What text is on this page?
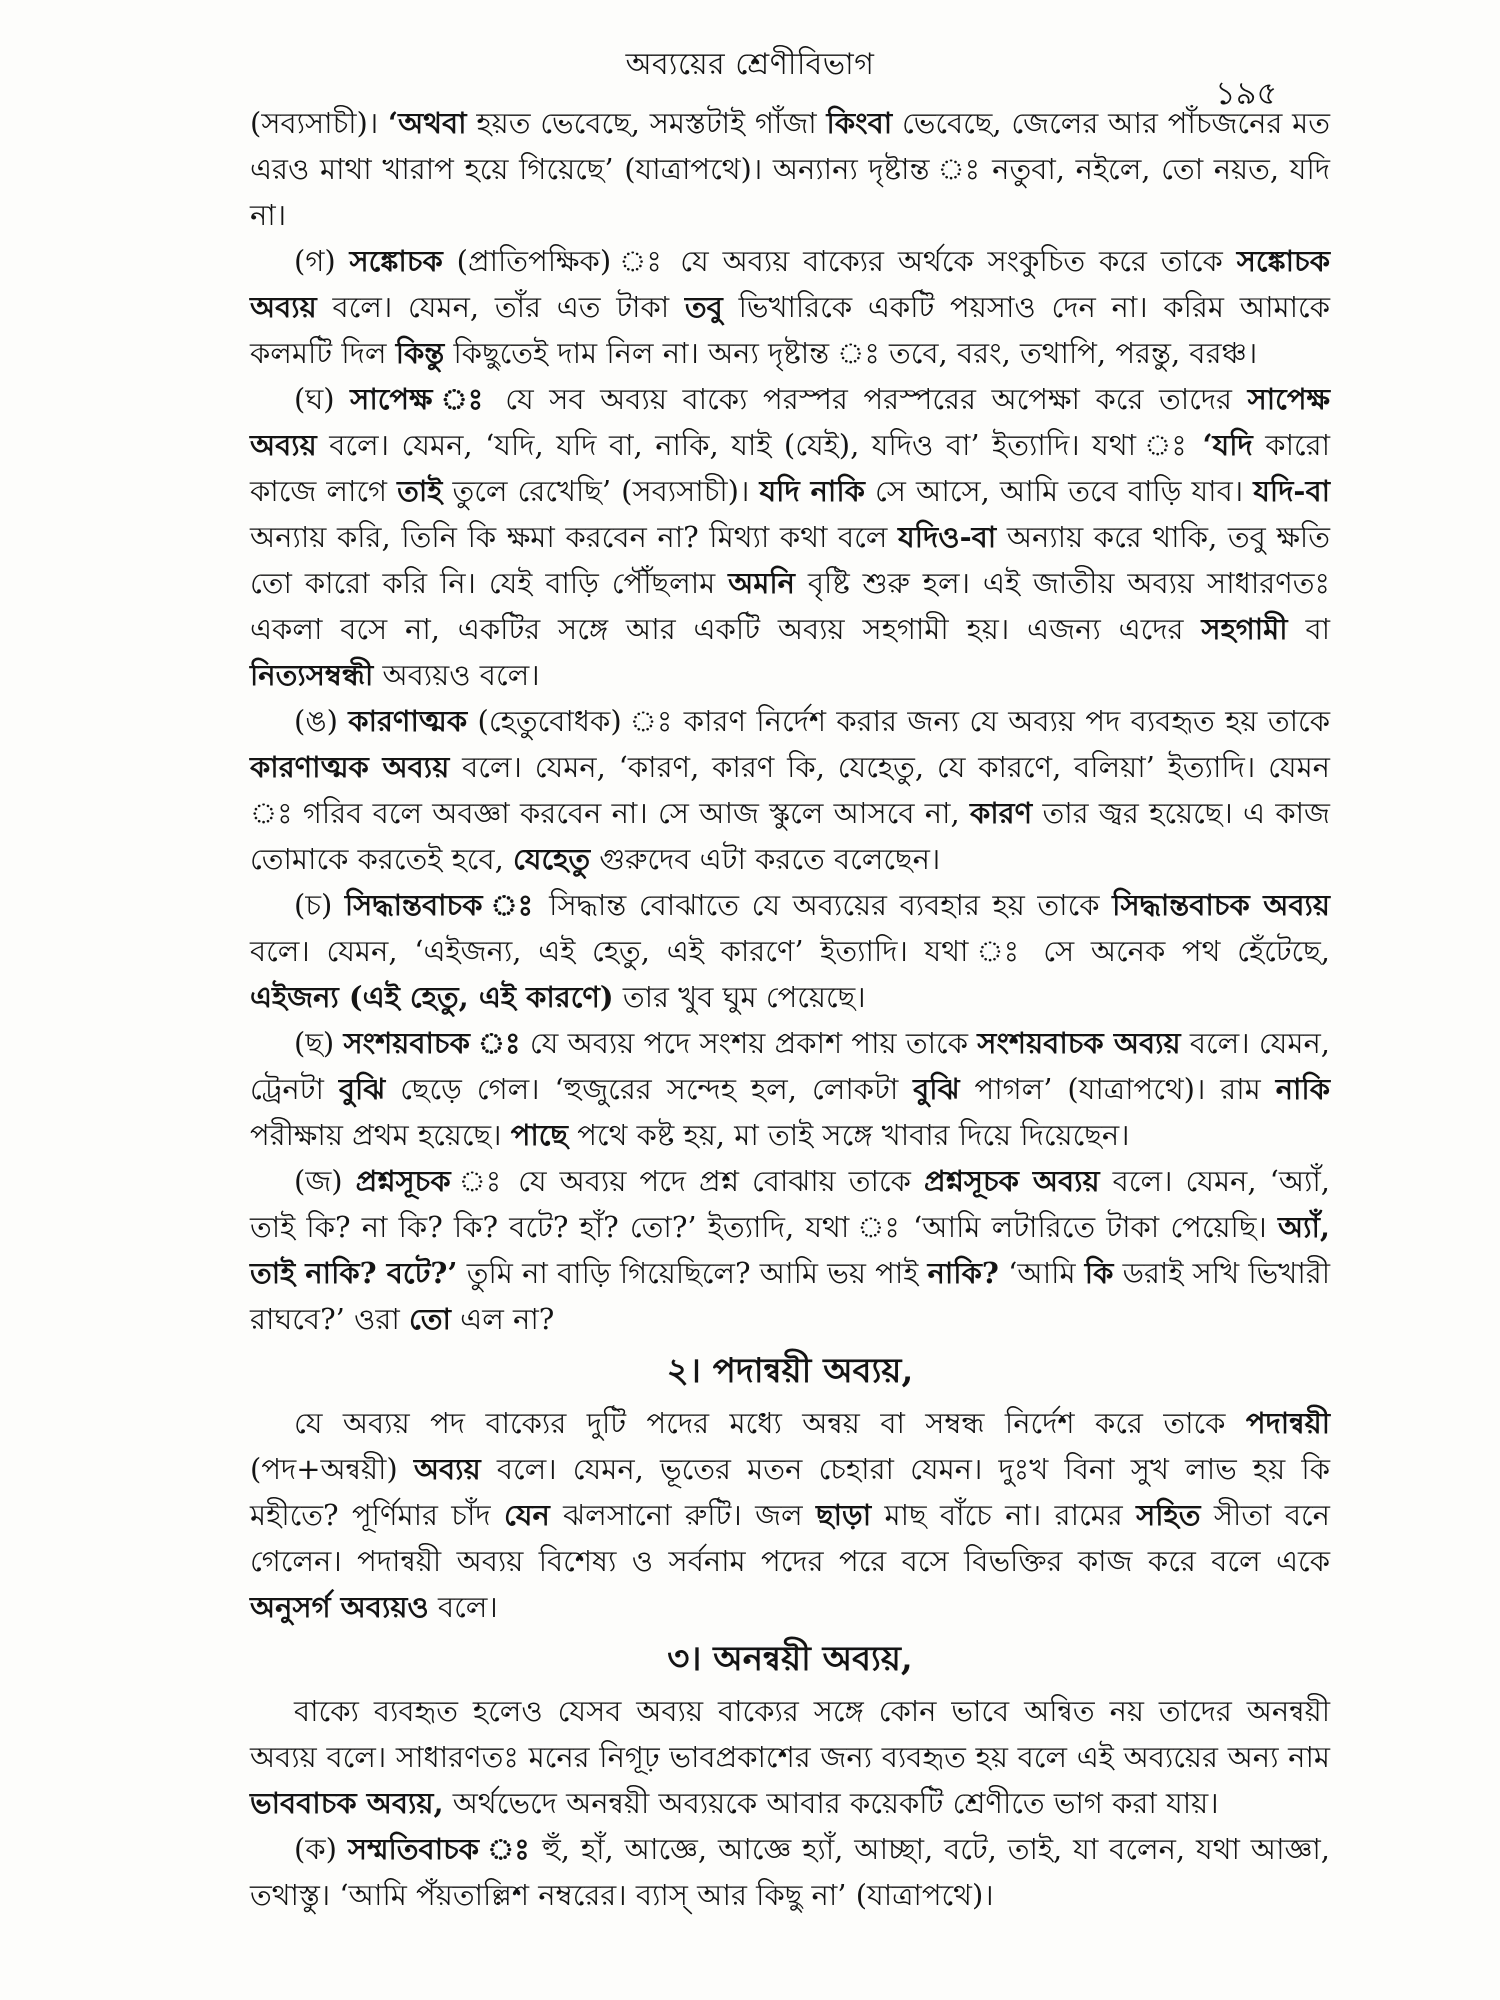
অব্যয়ের শ্রেণীবিভাগ
১৯৫

(সব্যসাচী)। ‘অথবা হয়ত ভেবেছে, সমস্তটাই গাঁজা কিংবা ভেবেছে, জেলের আর পাঁচজনের মত এরও মাথা খারাপ হয়ে গিয়েছে’ (যাত্রাপথে)। অন্যান্য দৃষ্টান্ত ঃ নতুবা, নইলে, তো নয়ত, যদি না।

(গ) সঙ্কোচক (প্রাতিপক্ষিক) ঃ যে অব্যয় বাক্যের অর্থকে সংকুচিত করে তাকে সঙ্কোচক অব্যয় বলে। যেমন, তাঁর এত টাকা তবু ভিখারিকে একটি পয়সাও দেন না। করিম আমাকে কলমটি দিল কিন্তু কিছুতেই দাম নিল না। অন্য দৃষ্টান্ত ঃ তবে, বরং, তথাপি, পরন্তু, বরঞ্চ।

(ঘ) সাপেক্ষ ঃ যে সব অব্যয় বাক্যে পরস্পর পরস্পরের অপেক্ষা করে তাদের সাপেক্ষ অব্যয় বলে। যেমন, ‘যদি, যদি বা, নাকি, যাই (যেই), যদিও বা’ ইত্যাদি। যথা ঃ ‘যদি কারো কাজে লাগে তাই তুলে রেখেছি’ (সব্যসাচী)। যদি নাকি সে আসে, আমি তবে বাড়ি যাব। যদি-বা অন্যায় করি, তিনি কি ক্ষমা করবেন না? মিথ্যা কথা বলে যদিও-বা অন্যায় করে থাকি, তবু ক্ষতি তো কারো করি নি। যেই বাড়ি পৌঁছলাম অমনি বৃষ্টি শুরু হল। এই জাতীয় অব্যয় সাধারণতঃ একলা বসে না, একটির সঙ্গে আর একটি অব্যয় সহগামী হয়। এজন্য এদের সহগামী বা নিত্যসম্বন্ধী অব্যয়ও বলে।

(ঙ) কারণাত্মক (হেতুবোধক) ঃ কারণ নির্দেশ করার জন্য যে অব্যয় পদ ব্যবহৃত হয় তাকে কারণাত্মক অব্যয় বলে। যেমন, ‘কারণ, কারণ কি, যেহেতু, যে কারণে, বলিয়া’ ইত্যাদি। যেমন ঃ গরিব বলে অবজ্ঞা করবেন না। সে আজ স্কুলে আসবে না, কারণ তার জ্বর হয়েছে। এ কাজ তোমাকে করতেই হবে, যেহেতু গুরুদেব এটা করতে বলেছেন।

(চ) সিদ্ধান্তবাচক ঃ সিদ্ধান্ত বোঝাতে যে অব্যয়ের ব্যবহার হয় তাকে সিদ্ধান্তবাচক অব্যয় বলে। যেমন, ‘এইজন্য, এই হেতু, এই কারণে’ ইত্যাদি। যথা ঃ সে অনেক পথ হেঁটেছে, এইজন্য (এই হেতু, এই কারণে) তার খুব ঘুম পেয়েছে।

(ছ) সংশয়বাচক ঃ যে অব্যয় পদে সংশয় প্রকাশ পায় তাকে সংশয়বাচক অব্যয় বলে। যেমন, ট্রেনটা বুঝি ছেড়ে গেল। ‘হুজুরের সন্দেহ হল, লোকটা বুঝি পাগল’ (যাত্রাপথে)। রাম নাকি পরীক্ষায় প্রথম হয়েছে। পাছে পথে কষ্ট হয়, মা তাই সঙ্গে খাবার দিয়ে দিয়েছেন।

(জ) প্রশ্নসূচক ঃ যে অব্যয় পদে প্রশ্ন বোঝায় তাকে প্রশ্নসূচক অব্যয় বলে। যেমন, ‘অ্যাঁ, তাই কি? না কি? কি? বটে? হাঁ? তো?’ ইত্যাদি, যথা ঃ ‘আমি লটারিতে টাকা পেয়েছি। অ্যাঁ, তাই নাকি? বটে?’ তুমি না বাড়ি গিয়েছিলে? আমি ভয় পাই নাকি? ‘আমি কি ডরাই সখি ভিখারী রাঘবে?’ ওরা তো এল না?

২। পদান্বয়ী অব্যয়,

যে অব্যয় পদ বাক্যের দুটি পদের মধ্যে অন্বয় বা সম্বন্ধ নির্দেশ করে তাকে পদান্বয়ী (পদ+অন্বয়ী) অব্যয় বলে। যেমন, ভূতের মতন চেহারা যেমন। দুঃখ বিনা সুখ লাভ হয় কি মহীতে? পূর্ণিমার চাঁদ যেন ঝলসানো রুটি। জল ছাড়া মাছ বাঁচে না। রামের সহিত সীতা বনে গেলেন। পদান্বয়ী অব্যয় বিশেষ্য ও সর্বনাম পদের পরে বসে বিভক্তির কাজ করে বলে একে অনুসর্গ অব্যয়ও বলে।

৩। অনন্বয়ী অব্যয়,

বাক্যে ব্যবহৃত হলেও যেসব অব্যয় বাক্যের সঙ্গে কোন ভাবে অন্বিত নয় তাদের অনন্বয়ী অব্যয় বলে। সাধারণতঃ মনের নিগূঢ় ভাবপ্রকাশের জন্য ব্যবহৃত হয় বলে এই অব্যয়ের অন্য নাম ভাববাচক অব্যয়, অর্থভেদে অনন্বয়ী অব্যয়কে আবার কয়েকটি শ্রেণীতে ভাগ করা যায়।

(ক) সম্মতিবাচক ঃ হুঁ, হাঁ, আজ্ঞে, আজ্ঞে হ্যাঁ, আচ্ছা, বটে, তাই, যা বলেন, যথা আজ্ঞা, তথাস্তু। ‘আমি পঁয়তাল্লিশ নম্বরের। ব্যাস্ আর কিছু না’ (যাত্রাপথে)।
